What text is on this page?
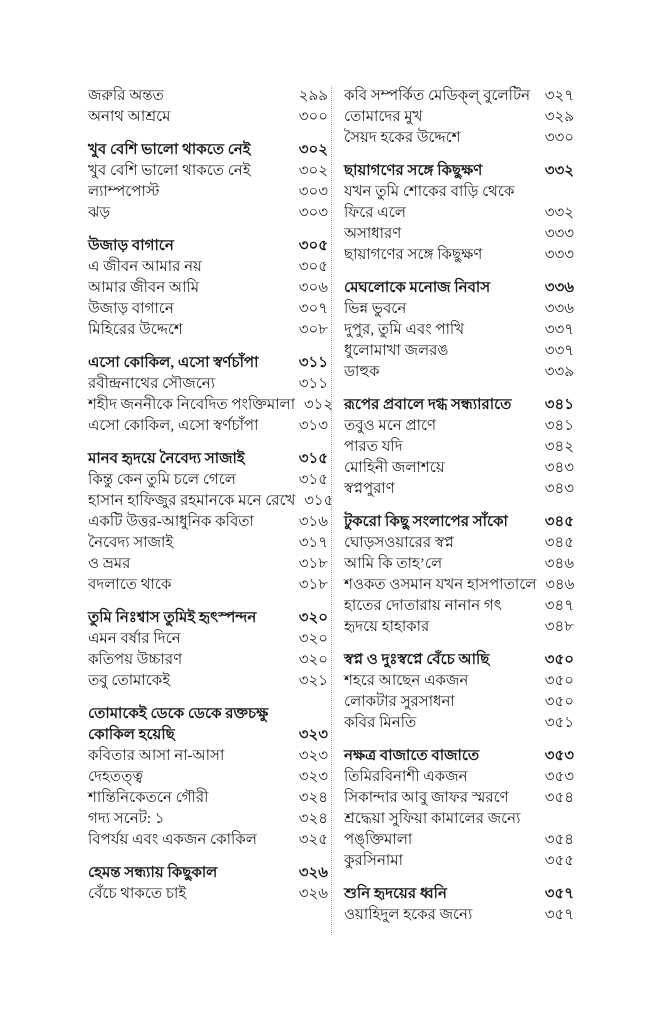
জরুরি অন্তত	২৯৯
অনাথ আশ্রমে	৩০০
খুব বেশি ভালো থাকতে নেই	৩০২
খুব বেশি ভালো থাকতে নেই	৩০২
ল্যাম্পপোস্ট	৩০৩
ঝড়	৩০৩
উজাড় বাগানে	৩০৫
এ জীবন আমার নয়	৩০৫
আমার জীবন আমি	৩০৬
উজাড় বাগানে	৩০৭
মিহিরের উদ্দেশে	৩০৮
এসো কোকিল, এসো স্বর্ণচাঁপা	৩১১
রবীন্দ্রনাথের সৌজন্যে	৩১১
শহীদ জননীকে নিবেদিত পংক্তিমালা ৩১২
এসো কোকিল, এসো স্বর্ণচাঁপা	৩১৩
মানব হৃদয়ে নৈবেদ্য সাজাই	৩১৫
কিন্তু কেন তুমি চলে গেলে	৩১৫
হাসান হাফিজুর রহমানকে মনে রেখে ৩১৫
একটি উত্তর-আধুনিক কবিতা	৩১৬
নৈবেদ্য সাজাই	৩১৭
ও ভ্রমর	৩১৮
বদলাতে থাকে	৩১৮
তুমি নিঃশ্বাস তুমিই হৃৎস্পন্দন	৩২০
এমন বর্ষার দিনে	৩২০
কতিপয় উচ্চারণ	৩২০
তবু তোমাকেই	৩২১
তোমাকেই ডেকে ডেকে রক্তচক্ষু
কোকিল হয়েছি	৩২৩
কবিতার আসা না-আসা	৩২৩
দেহতত্ত্ব	৩২৩
শান্তিনিকেতনে গৌরী	৩২৪
গদ্য সনেট: ১	৩২৪
বিপর্যয় এবং একজন কোকিল	৩২৫
হেমন্ত সন্ধ্যায় কিছুকাল	৩২৬
বেঁচে থাকতে চাই	৩২৬
কবি সম্পর্কিত মেডিক্‌ল্‌ বুলেটিন ৩২৭
তোমাদের মুখ	৩২৯
সৈয়দ হকের উদ্দেশে	৩৩০
ছায়াগণের সঙ্গে কিছুক্ষণ	৩৩২
যখন তুমি শোকের বাড়ি থেকে
ফিরে এলে	৩৩২
অসাধারণ	৩৩৩
ছায়াগণের সঙ্গে কিছুক্ষণ	৩৩৩
মেঘলোকে মনোজ নিবাস	৩৩৬
ভিন্ন ভুবনে	৩৩৬
দুপুর, তুমি এবং পাখি	৩৩৭
ধুলোমাখা জলরঙ	৩৩৭
ডাহুক	৩৩৯
রূপের প্রবালে দগ্ধ সন্ধ্যারাতে	৩৪১
তবুও মনে প্রাণে	৩৪১
পারত যদি	৩৪২
মোহিনী জলাশয়ে	৩৪৩
স্বপ্নপুরাণ	৩৪৩
টুকরো কিছু সংলাপের সাঁকো	৩৪৫
ঘোড়সওয়ারের স্বপ্ন	৩৪৫
আমি কি তাহ’লে	৩৪৬
শওকত ওসমান যখন হাসপাতালে ৩৪৬
হাতের দোতারায় নানান গৎ	৩৪৭
হৃদয়ে হাহাকার	৩৪৮
স্বপ্ন ও দুঃস্বপ্নে বেঁচে আছি	৩৫০
শহরে আছেন একজন	৩৫০
লোকটার সুরসাধনা	৩৫০
কবির মিনতি	৩৫১
নক্ষত্র বাজাতে বাজাতে	৩৫৩
তিমিরবিনাশী একজন	৩৫৩
সিকান্দার আবু জাফর স্মরণে	৩৫৪
শ্রদ্ধেয়া সুফিয়া কামালের জন্যে
পঙ্‌ক্তিমালা	৩৫৪
কুরসিনামা	৩৫৫
শুনি হৃদয়ের ধ্বনি	৩৫৭
ওয়াহিদুল হকের জন্যে	৩৫৭
